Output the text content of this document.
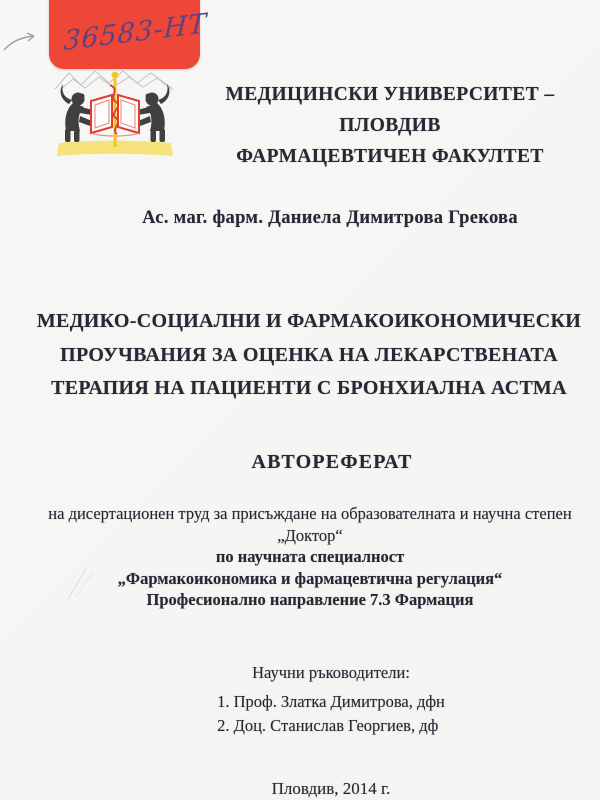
36583-НТ
МЕДИЦИНСКИ УНИВЕРСИТЕТ – ПЛОВДИВ
ФАРМАЦЕВТИЧЕН ФАКУЛТЕТ
Ас. маг. фарм. Даниела Димитрова Грекова
МЕДИКО-СОЦИАЛНИ И ФАРМАКОИКОНОМИЧЕСКИ
ПРОУЧВАНИЯ ЗА ОЦЕНКА НА ЛЕКАРСТВЕНАТА
ТЕРАПИЯ НА ПАЦИЕНТИ С БРОНХИАЛНА АСТМА
АВТОРЕФЕРАТ
на дисертационен труд за присъждане на образователната и научна степен
„Доктор“
по научната специалност
„Фармакоикономика и фармацевтична регулация“
Професионално направление 7.3 Фармация
Научни ръководители:
1. Проф. Златка Димитрова, дфн
2. Доц. Станислав Георгиев, дф
Пловдив, 2014 г.
